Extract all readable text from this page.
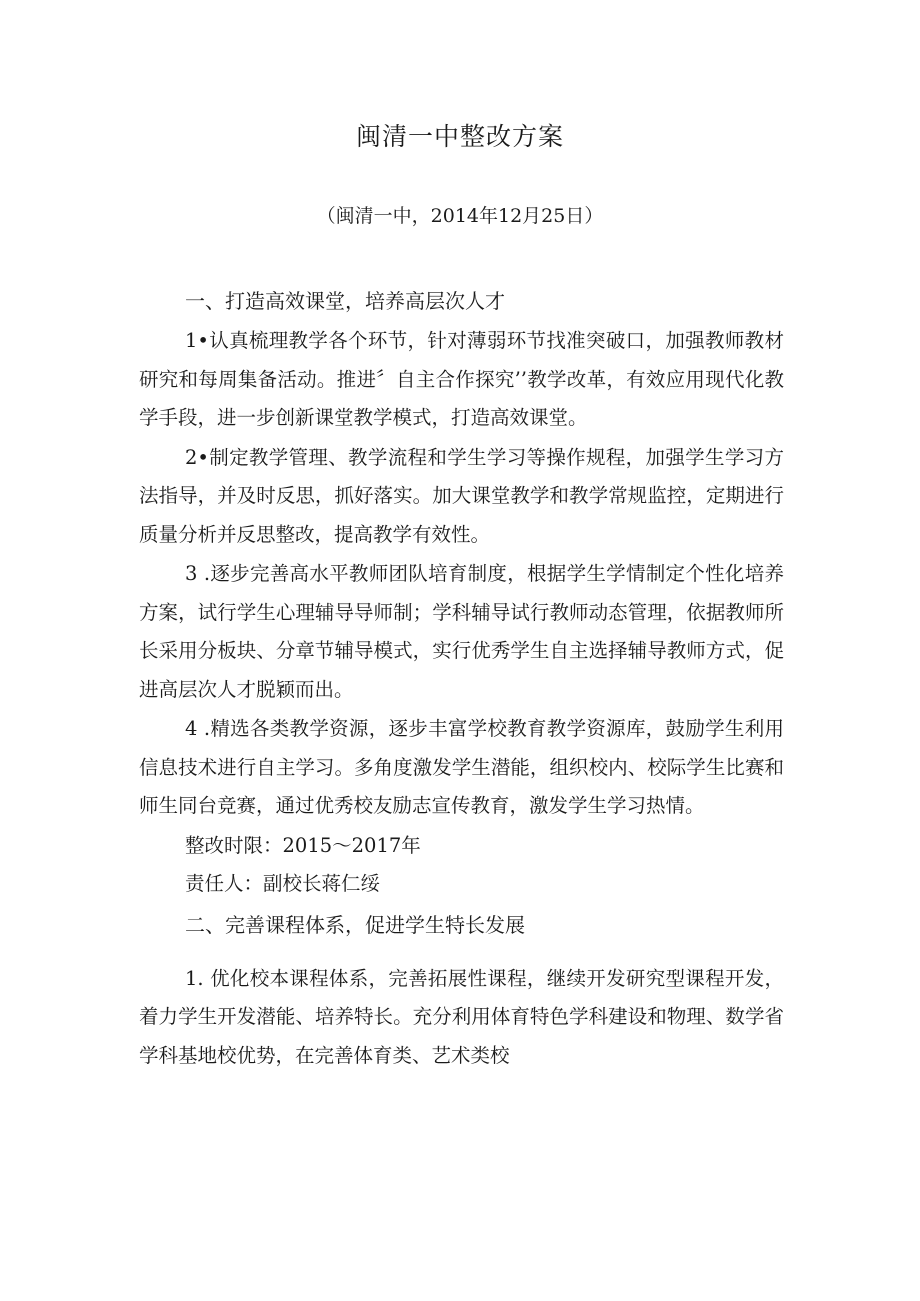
闽清一中整改方案

（闽清一中，2014年12月25日）

一、打造高效课堂，培养高层次人才

1•认真梳理教学各个环节，针对薄弱环节找准突破口，加强教师教材研究和每周集备活动。推进〞自主合作探究’’教学改革，有效应用现代化教学手段，进一步创新课堂教学模式，打造高效课堂。

2•制定教学管理、教学流程和学生学习等操作规程，加强学生学习方法指导，并及时反思，抓好落实。加大课堂教学和教学常规监控，定期进行质量分析并反思整改，提高教学有效性。

3 .逐步完善高水平教师团队培育制度，根据学生学情制定个性化培养方案，试行学生心理辅导导师制；学科辅导试行教师动态管理，依据教师所长采用分板块、分章节辅导模式，实行优秀学生自主选择辅导教师方式，促进高层次人才脱颖而出。

4 .精选各类教学资源，逐步丰富学校教育教学资源库，鼓励学生利用信息技术进行自主学习。多角度激发学生潜能，组织校内、校际学生比赛和师生同台竞赛，通过优秀校友励志宣传教育，激发学生学习热情。

整改时限：2015～2017年

责任人：副校长蒋仁绥

二、完善课程体系，促进学生特长发展

1. 优化校本课程体系，完善拓展性课程，继续开发研究型课程开发，着力学生开发潜能、培养特长。充分利用体育特色学科建设和物理、数学省学科基地校优势，在完善体育类、艺术类校
